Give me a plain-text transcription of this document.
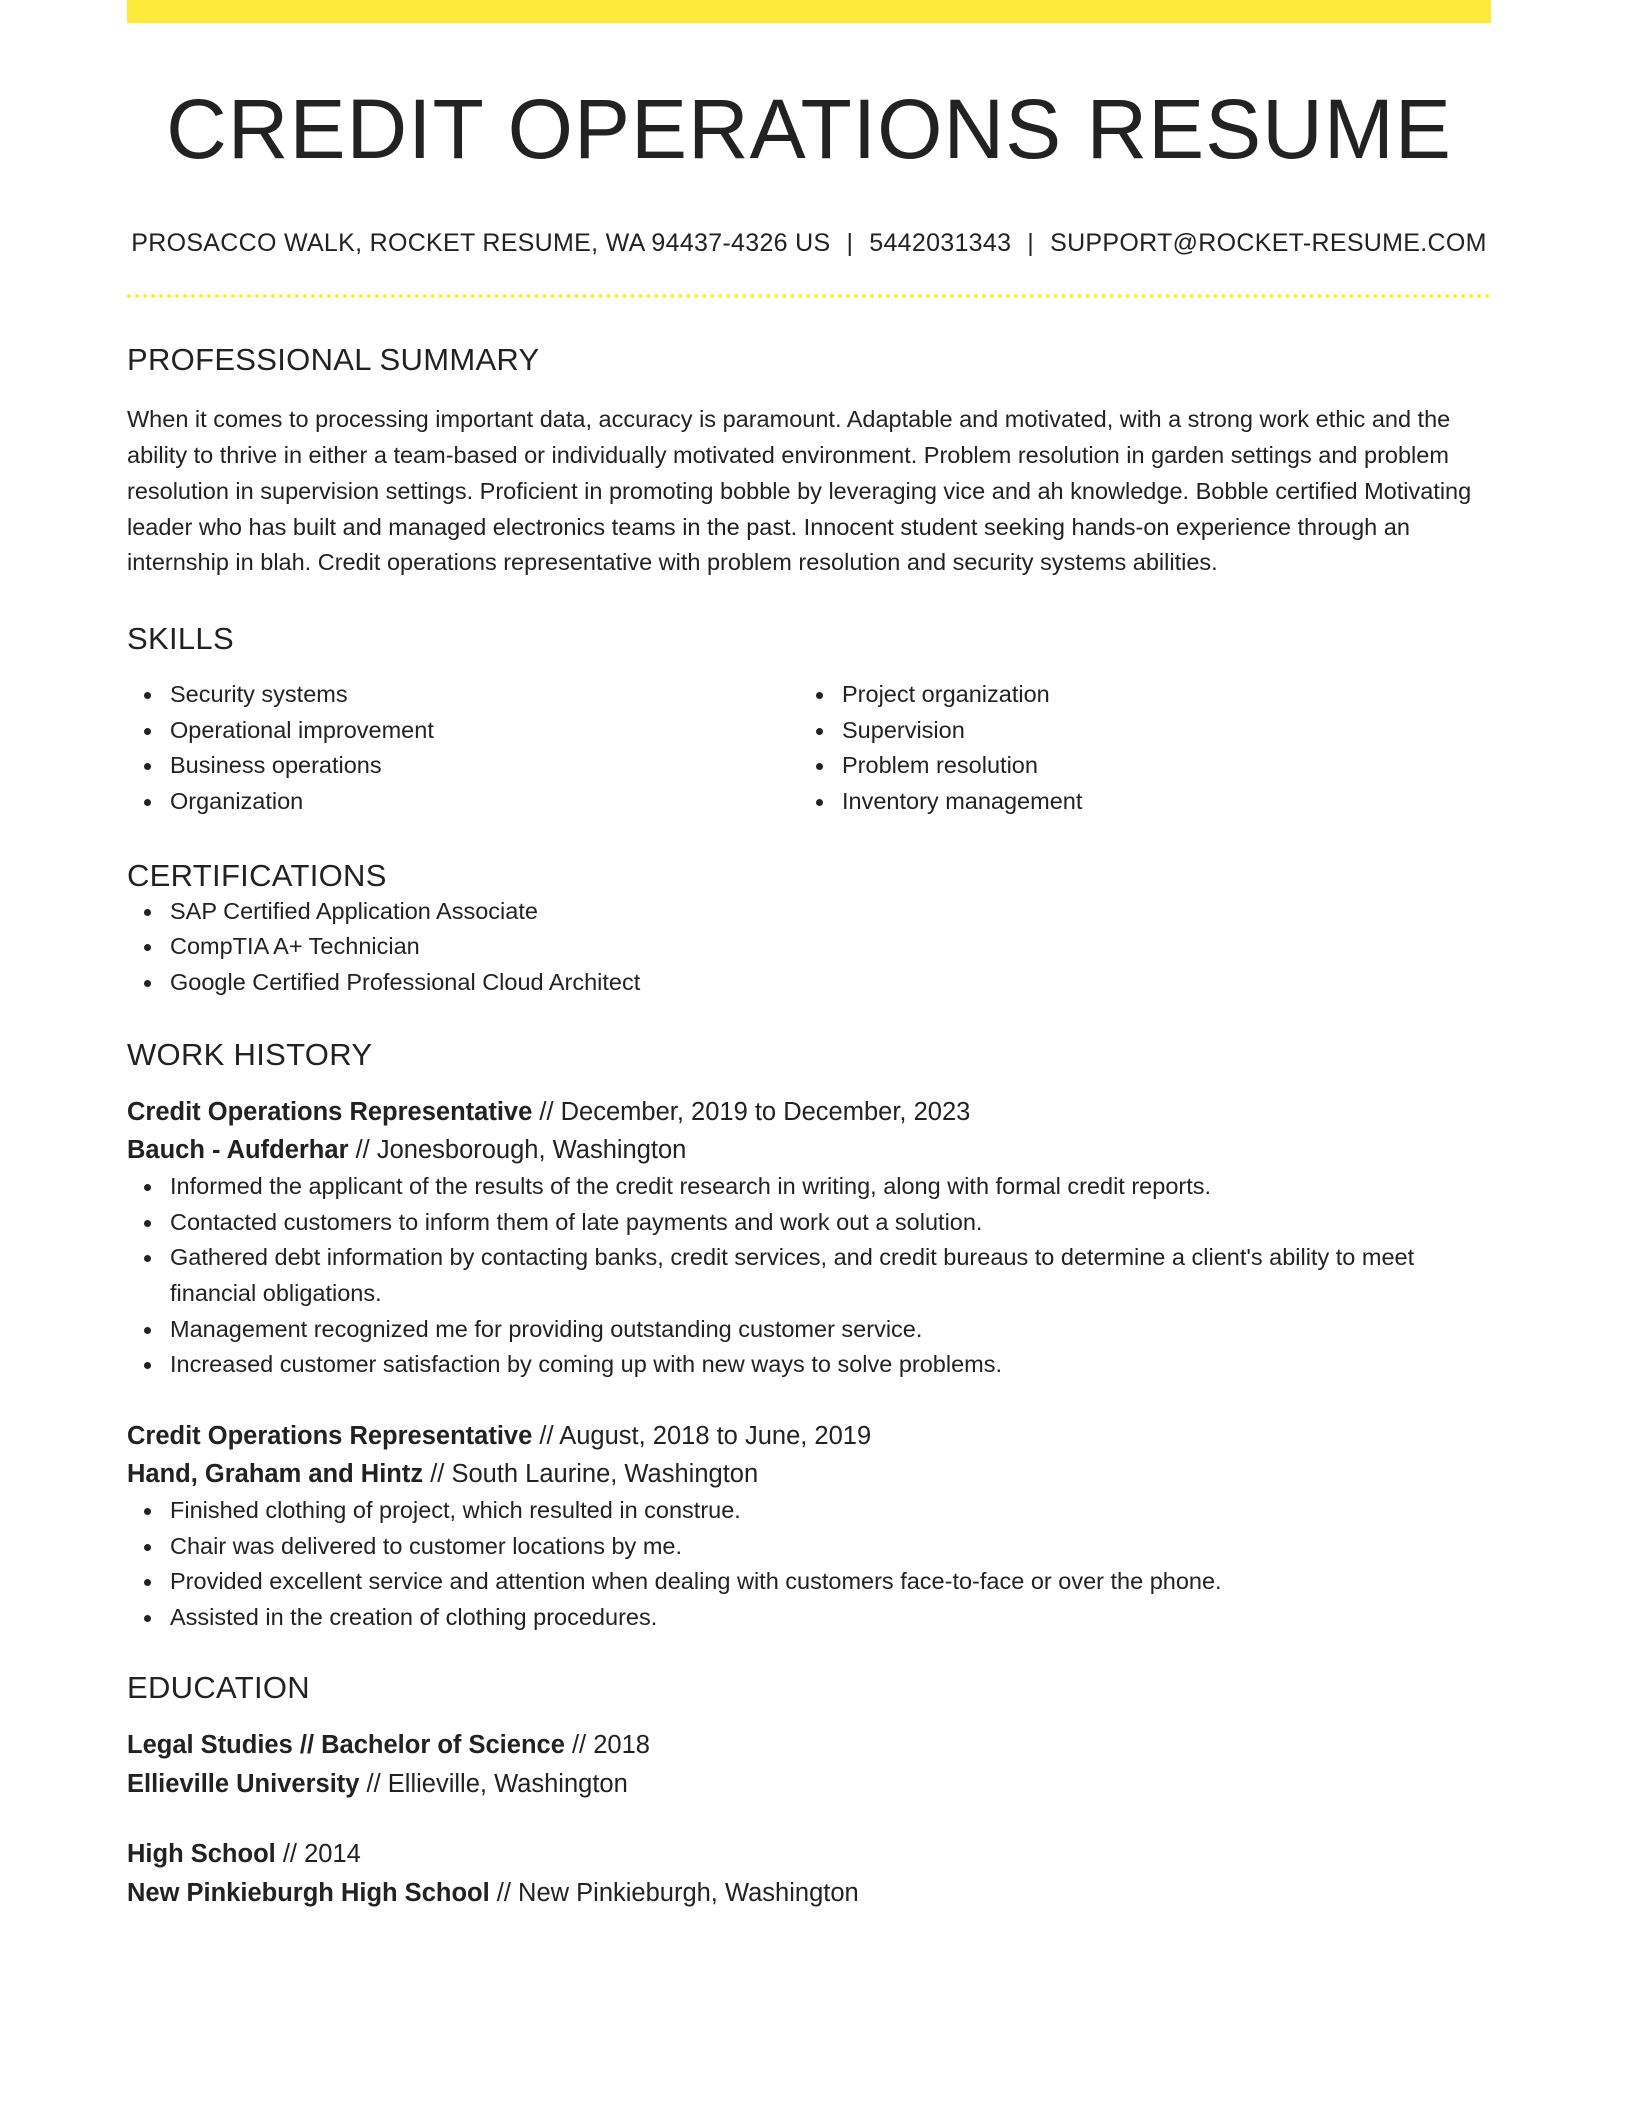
CREDIT OPERATIONS RESUME
PROSACCO WALK, ROCKET RESUME, WA 94437-4326 US | 5442031343 | SUPPORT@ROCKET-RESUME.COM
PROFESSIONAL SUMMARY
When it comes to processing important data, accuracy is paramount. Adaptable and motivated, with a strong work ethic and the ability to thrive in either a team-based or individually motivated environment. Problem resolution in garden settings and problem resolution in supervision settings. Proficient in promoting bobble by leveraging vice and ah knowledge. Bobble certified Motivating leader who has built and managed electronics teams in the past. Innocent student seeking hands-on experience through an internship in blah. Credit operations representative with problem resolution and security systems abilities.
SKILLS
Security systems
Operational improvement
Business operations
Organization
Project organization
Supervision
Problem resolution
Inventory management
CERTIFICATIONS
SAP Certified Application Associate
CompTIA A+ Technician
Google Certified Professional Cloud Architect
WORK HISTORY
Credit Operations Representative // December, 2019 to December, 2023
Bauch - Aufderhar // Jonesborough, Washington
Informed the applicant of the results of the credit research in writing, along with formal credit reports.
Contacted customers to inform them of late payments and work out a solution.
Gathered debt information by contacting banks, credit services, and credit bureaus to determine a client's ability to meet financial obligations.
Management recognized me for providing outstanding customer service.
Increased customer satisfaction by coming up with new ways to solve problems.
Credit Operations Representative // August, 2018 to June, 2019
Hand, Graham and Hintz // South Laurine, Washington
Finished clothing of project, which resulted in construe.
Chair was delivered to customer locations by me.
Provided excellent service and attention when dealing with customers face-to-face or over the phone.
Assisted in the creation of clothing procedures.
EDUCATION
Legal Studies // Bachelor of Science // 2018
Ellieville University // Ellieville, Washington
High School // 2014
New Pinkieburgh High School // New Pinkieburgh, Washington
